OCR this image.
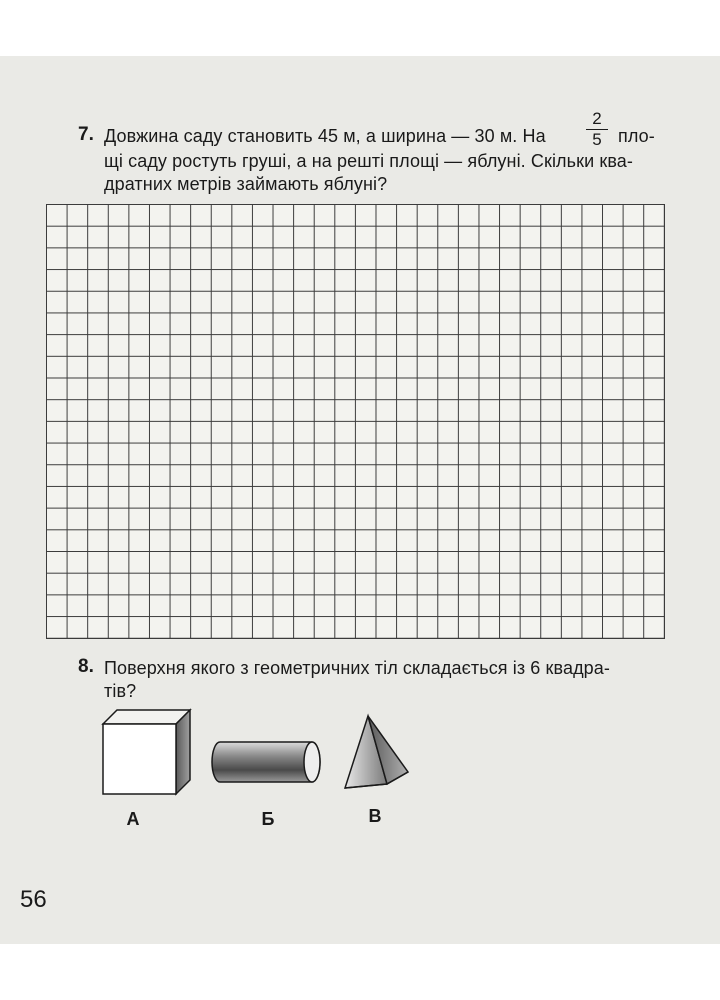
7. Довжина саду становить 45 м, а ширина — 30 м. На
2
5 пло-
щі саду ростуть груші, а на решті площі — яблуні. Скільки ква-
дратних метрів займають яблуні?
8. Поверхня якого з геометричних тіл складається із 6 квадра-
тів?
А	Б	В
56
